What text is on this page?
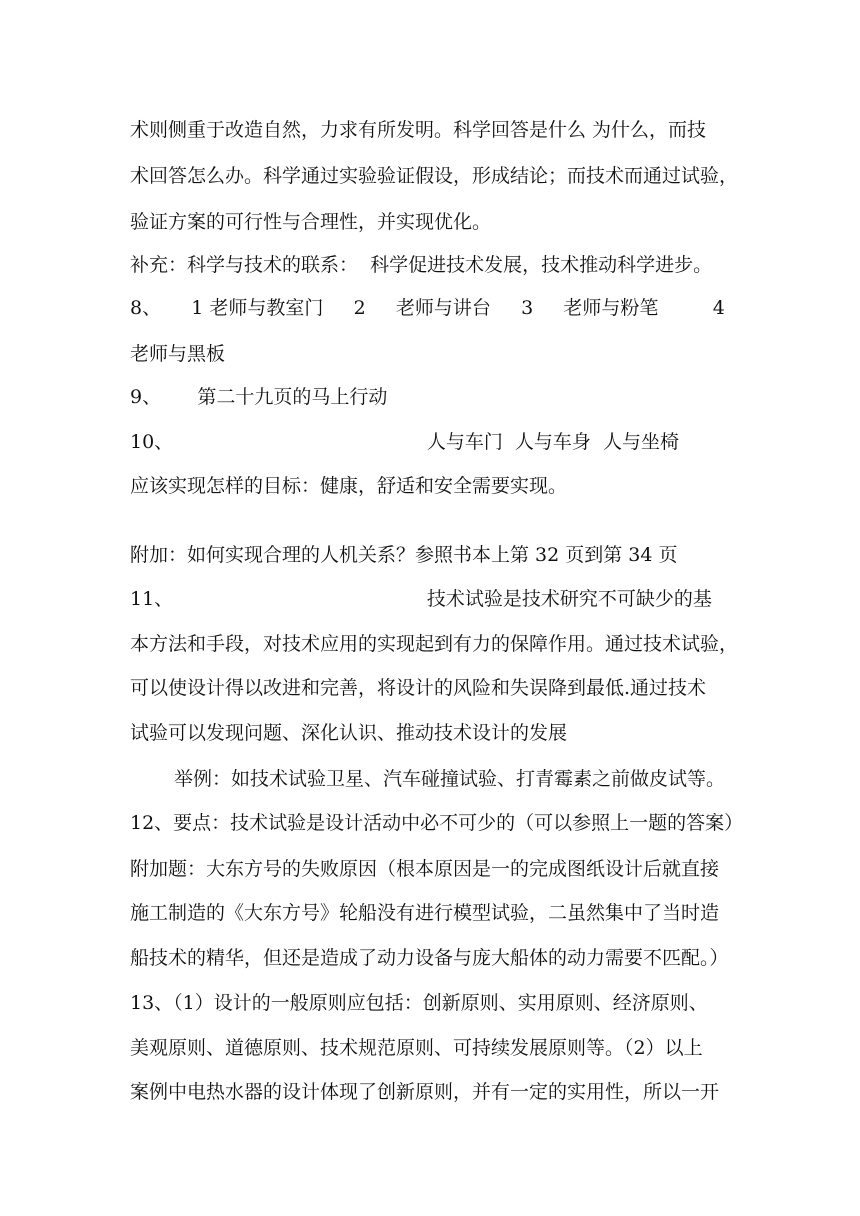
术则侧重于改造自然，力求有所发明。科学回答是什么 为什么，而技
术回答怎么办。科学通过实验验证假设，形成结论；而技术而通过试验，
验证方案的可行性与合理性，并实现优化。
补充：科学与技术的联系：  科学促进技术发展，技术推动科学进步。
8、     1 老师与教室门     2     老师与讲台     3     老师与粉笔         4
老师与黑板
9、      第二十九页的马上行动
10、                                          人与车门  人与车身  人与坐椅
应该实现怎样的目标：健康，舒适和安全需要实现。
附加：如何实现合理的人机关系？参照书本上第 32 页到第 34 页
11、                                          技术试验是技术研究不可缺少的基
本方法和手段，对技术应用的实现起到有力的保障作用。通过技术试验，
可以使设计得以改进和完善，将设计的风险和失误降到最低.通过技术
试验可以发现问题、深化认识、推动技术设计的发展
举例：如技术试验卫星、汽车碰撞试验、打青霉素之前做皮试等。
12、要点：技术试验是设计活动中必不可少的（可以参照上一题的答案）
附加题：大东方号的失败原因（根本原因是一的完成图纸设计后就直接
施工制造的《大东方号》轮船没有进行模型试验，二虽然集中了当时造
船技术的精华，但还是造成了动力设备与庞大船体的动力需要不匹配。）
13、（1）设计的一般原则应包括：创新原则、实用原则、经济原则、
美观原则、道德原则、技术规范原则、可持续发展原则等。（2）以上
案例中电热水器的设计体现了创新原则，并有一定的实用性，所以一开
